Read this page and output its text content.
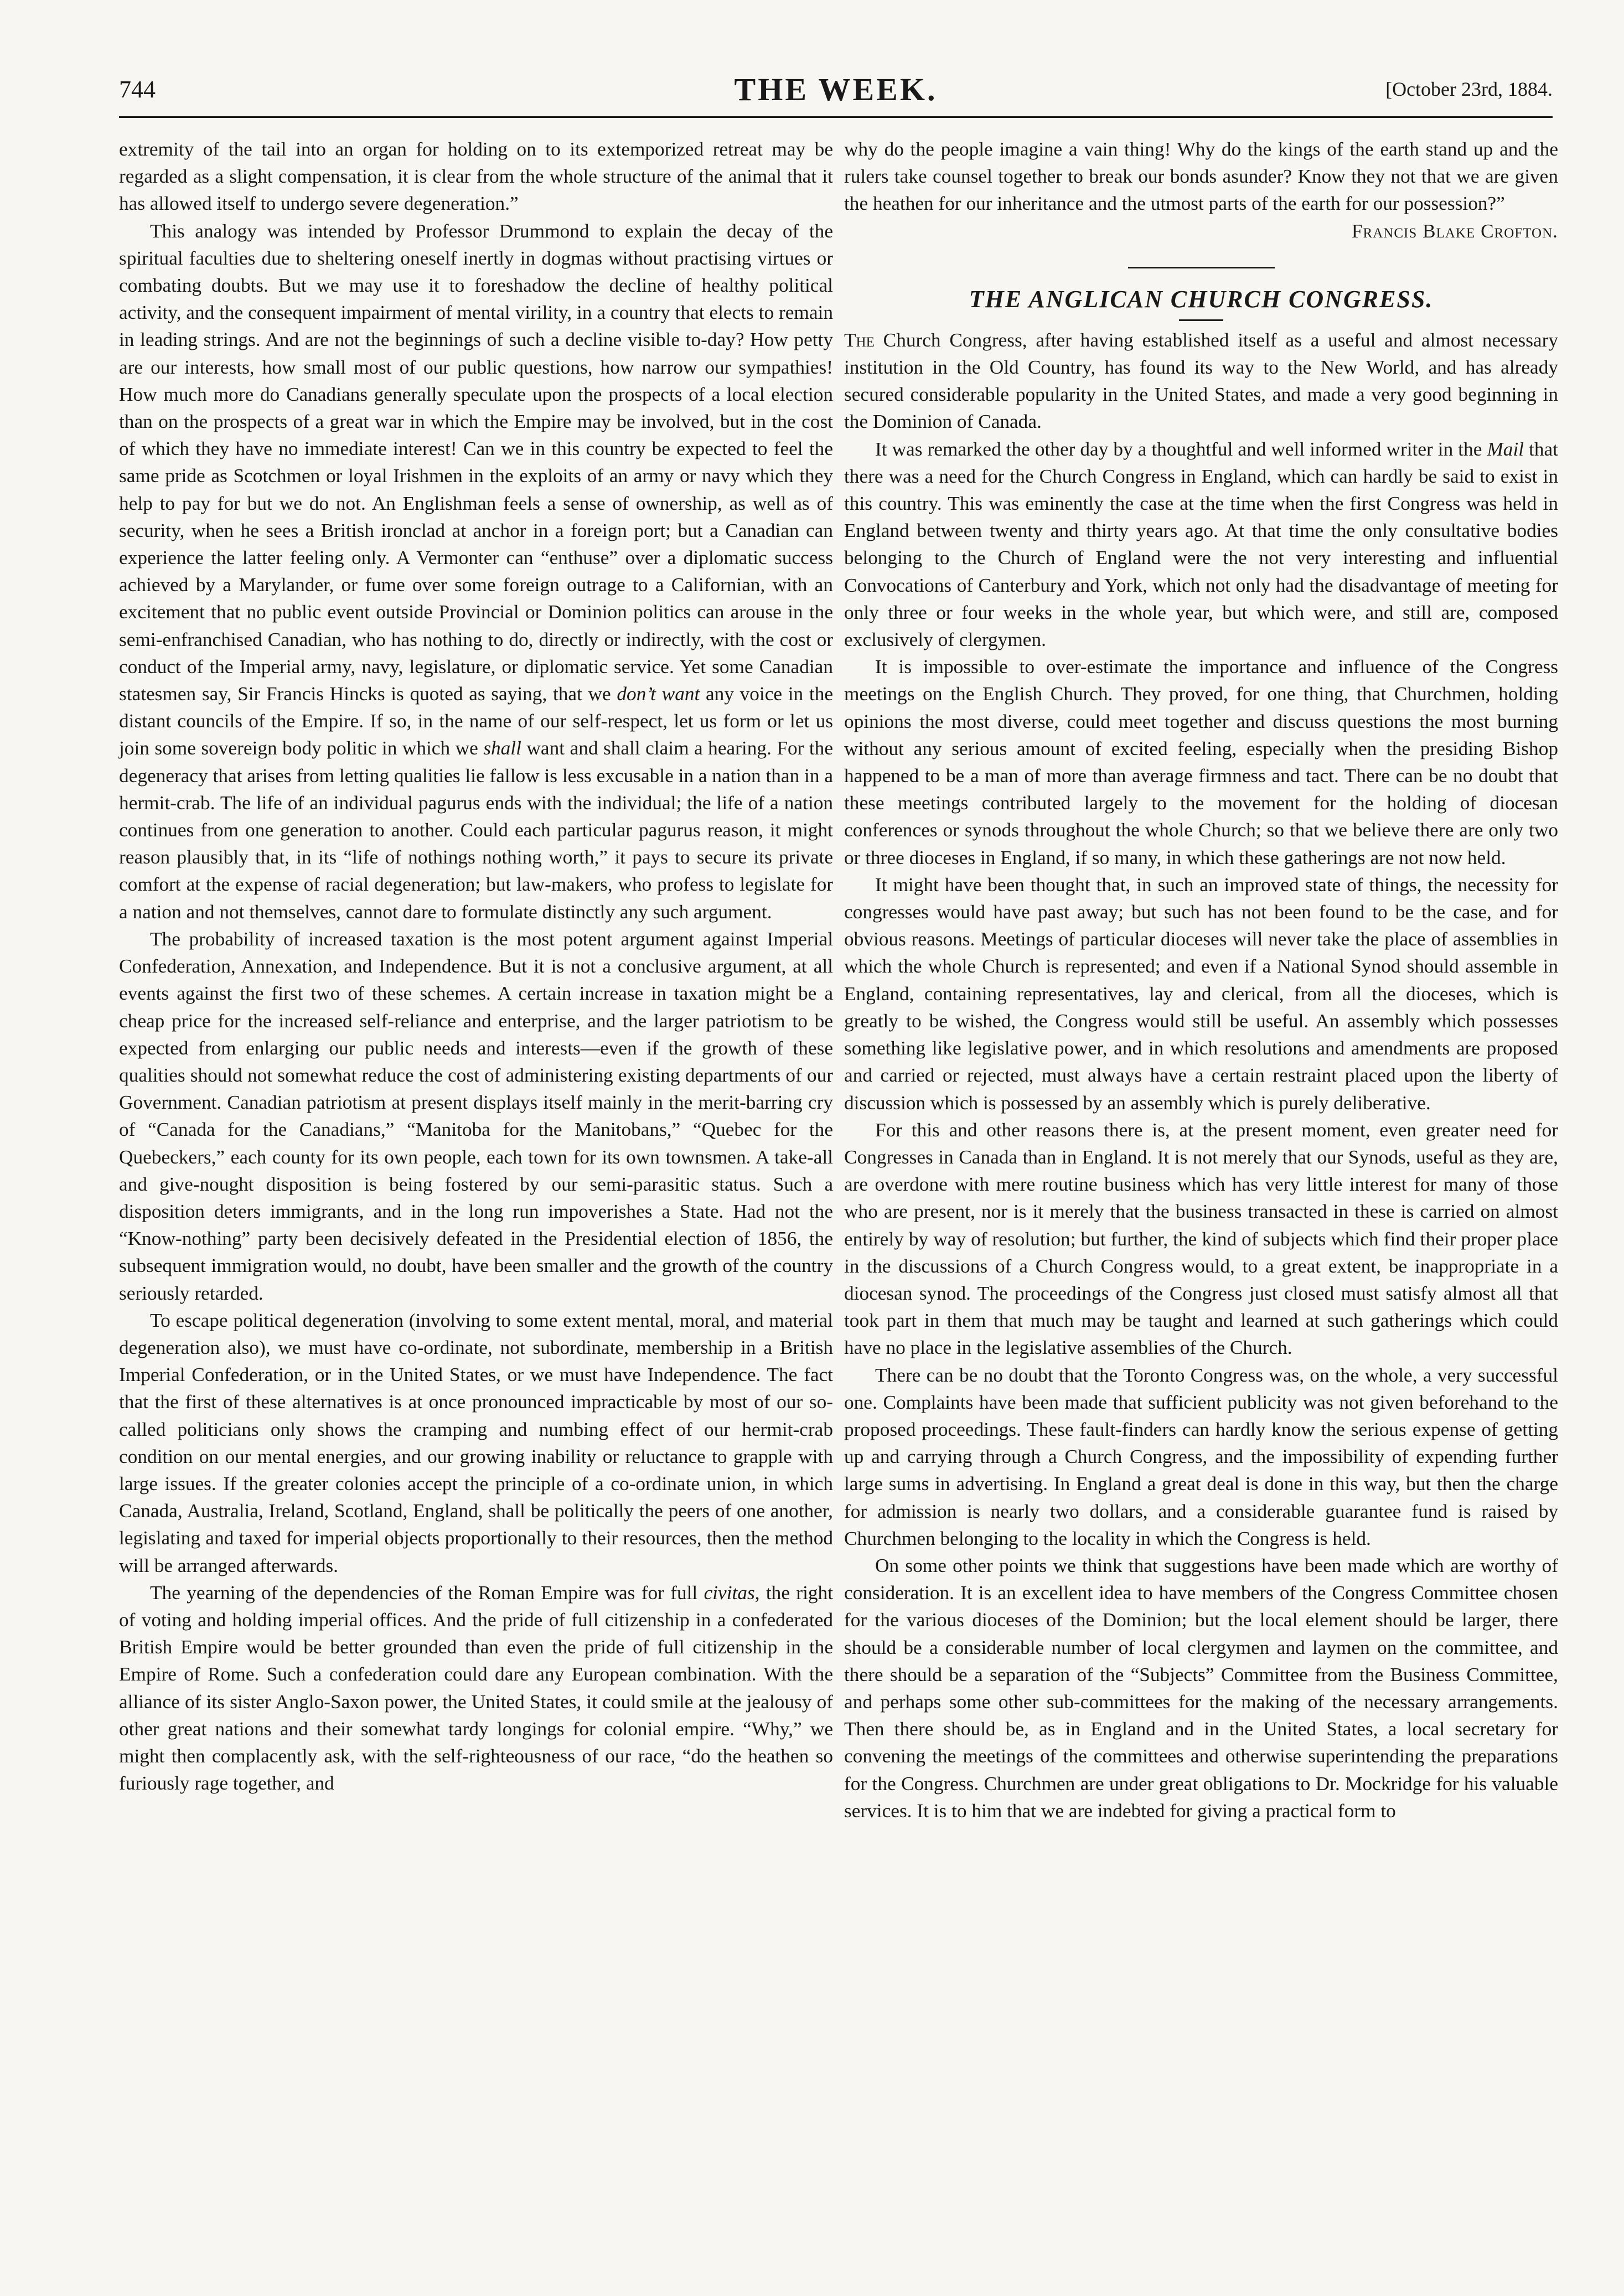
744	THE WEEK.	[October 23rd, 1884.

extremity of the tail into an organ for holding on to its extemporized retreat may be regarded as a slight compensation, it is clear from the whole structure of the animal that it has allowed itself to undergo severe degeneration.”

This analogy was intended by Professor Drummond to explain the decay of the spiritual faculties due to sheltering oneself inertly in dogmas without practising virtues or combating doubts. But we may use it to foreshadow the decline of healthy political activity, and the consequent impairment of mental virility, in a country that elects to remain in leading strings. And are not the beginnings of such a decline visible to-day? How petty are our interests, how small most of our public questions, how narrow our sympathies! How much more do Canadians generally speculate upon the prospects of a local election than on the prospects of a great war in which the Empire may be involved, but in the cost of which they have no immediate interest! Can we in this country be expected to feel the same pride as Scotchmen or loyal Irishmen in the exploits of an army or navy which they help to pay for but we do not. An Englishman feels a sense of ownership, as well as of security, when he sees a British ironclad at anchor in a foreign port; but a Canadian can experience the latter feeling only. A Vermonter can “enthuse” over a diplomatic success achieved by a Marylander, or fume over some foreign outrage to a Californian, with an excitement that no public event outside Provincial or Dominion politics can arouse in the semi-enfranchised Canadian, who has nothing to do, directly or indirectly, with the cost or conduct of the Imperial army, navy, legislature, or diplomatic service. Yet some Canadian statesmen say, Sir Francis Hincks is quoted as saying, that we don’t want any voice in the distant councils of the Empire. If so, in the name of our self-respect, let us form or let us join some sovereign body politic in which we shall want and shall claim a hearing. For the degeneracy that arises from letting qualities lie fallow is less excusable in a nation than in a hermit-crab. The life of an individual pagurus ends with the individual; the life of a nation continues from one generation to another. Could each particular pagurus reason, it might reason plausibly that, in its “life of nothings nothing worth,” it pays to secure its private comfort at the expense of racial degeneration; but law-makers, who profess to legislate for a nation and not themselves, cannot dare to formulate distinctly any such argument.

The probability of increased taxation is the most potent argument against Imperial Confederation, Annexation, and Independence. But it is not a conclusive argument, at all events against the first two of these schemes. A certain increase in taxation might be a cheap price for the increased self-reliance and enterprise, and the larger patriotism to be expected from enlarging our public needs and interests—even if the growth of these qualities should not somewhat reduce the cost of administering existing departments of our Government. Canadian patriotism at present displays itself mainly in the merit-barring cry of “Canada for the Canadians,” “Manitoba for the Manitobans,” “Quebec for the Quebeckers,” each county for its own people, each town for its own townsmen. A take-all and give-nought disposition is being fostered by our semi-parasitic status. Such a disposition deters immigrants, and in the long run impoverishes a State. Had not the “Know-nothing” party been decisively defeated in the Presidential election of 1856, the subsequent immigration would, no doubt, have been smaller and the growth of the country seriously retarded.

To escape political degeneration (involving to some extent mental, moral, and material degeneration also), we must have co-ordinate, not subordinate, membership in a British Imperial Confederation, or in the United States, or we must have Independence. The fact that the first of these alternatives is at once pronounced impracticable by most of our so-called politicians only shows the cramping and numbing effect of our hermit-crab condition on our mental energies, and our growing inability or reluctance to grapple with large issues. If the greater colonies accept the principle of a co-ordinate union, in which Canada, Australia, Ireland, Scotland, England, shall be politically the peers of one another, legislating and taxed for imperial objects proportionally to their resources, then the method will be arranged afterwards.

The yearning of the dependencies of the Roman Empire was for full civitas, the right of voting and holding imperial offices. And the pride of full citizenship in a confederated British Empire would be better grounded than even the pride of full citizenship in the Empire of Rome. Such a confederation could dare any European combination. With the alliance of its sister Anglo-Saxon power, the United States, it could smile at the jealousy of other great nations and their somewhat tardy longings for colonial empire. “Why,” we might then complacently ask, with the self-righteousness of our race, “do the heathen so furiously rage together, and

why do the people imagine a vain thing! Why do the kings of the earth stand up and the rulers take counsel together to break our bonds asunder? Know they not that we are given the heathen for our inheritance and the utmost parts of the earth for our possession?”

Francis Blake Crofton.

THE ANGLICAN CHURCH CONGRESS.

The Church Congress, after having established itself as a useful and almost necessary institution in the Old Country, has found its way to the New World, and has already secured considerable popularity in the United States, and made a very good beginning in the Dominion of Canada.

It was remarked the other day by a thoughtful and well informed writer in the Mail that there was a need for the Church Congress in England, which can hardly be said to exist in this country. This was eminently the case at the time when the first Congress was held in England between twenty and thirty years ago. At that time the only consultative bodies belonging to the Church of England were the not very interesting and influential Convocations of Canterbury and York, which not only had the disadvantage of meeting for only three or four weeks in the whole year, but which were, and still are, composed exclusively of clergymen.

It is impossible to over-estimate the importance and influence of the Congress meetings on the English Church. They proved, for one thing, that Churchmen, holding opinions the most diverse, could meet together and discuss questions the most burning without any serious amount of excited feeling, especially when the presiding Bishop happened to be a man of more than average firmness and tact. There can be no doubt that these meetings contributed largely to the movement for the holding of diocesan conferences or synods throughout the whole Church; so that we believe there are only two or three dioceses in England, if so many, in which these gatherings are not now held.

It might have been thought that, in such an improved state of things, the necessity for congresses would have past away; but such has not been found to be the case, and for obvious reasons. Meetings of particular dioceses will never take the place of assemblies in which the whole Church is represented; and even if a National Synod should assemble in England, containing representatives, lay and clerical, from all the dioceses, which is greatly to be wished, the Congress would still be useful. An assembly which possesses something like legislative power, and in which resolutions and amendments are proposed and carried or rejected, must always have a certain restraint placed upon the liberty of discussion which is possessed by an assembly which is purely deliberative.

For this and other reasons there is, at the present moment, even greater need for Congresses in Canada than in England. It is not merely that our Synods, useful as they are, are overdone with mere routine business which has very little interest for many of those who are present, nor is it merely that the business transacted in these is carried on almost entirely by way of resolution; but further, the kind of subjects which find their proper place in the discussions of a Church Congress would, to a great extent, be inappropriate in a diocesan synod. The proceedings of the Congress just closed must satisfy almost all that took part in them that much may be taught and learned at such gatherings which could have no place in the legislative assemblies of the Church.

There can be no doubt that the Toronto Congress was, on the whole, a very successful one. Complaints have been made that sufficient publicity was not given beforehand to the proposed proceedings. These fault-finders can hardly know the serious expense of getting up and carrying through a Church Congress, and the impossibility of expending further large sums in advertising. In England a great deal is done in this way, but then the charge for admission is nearly two dollars, and a considerable guarantee fund is raised by Churchmen belonging to the locality in which the Congress is held.

On some other points we think that suggestions have been made which are worthy of consideration. It is an excellent idea to have members of the Congress Committee chosen for the various dioceses of the Dominion; but the local element should be larger, there should be a considerable number of local clergymen and laymen on the committee, and there should be a separation of the “Subjects” Committee from the Business Committee, and perhaps some other sub-committees for the making of the necessary arrangements. Then there should be, as in England and in the United States, a local secretary for convening the meetings of the committees and otherwise superintending the preparations for the Congress. Churchmen are under great obligations to Dr. Mockridge for his valuable services. It is to him that we are indebted for giving a practical form to
